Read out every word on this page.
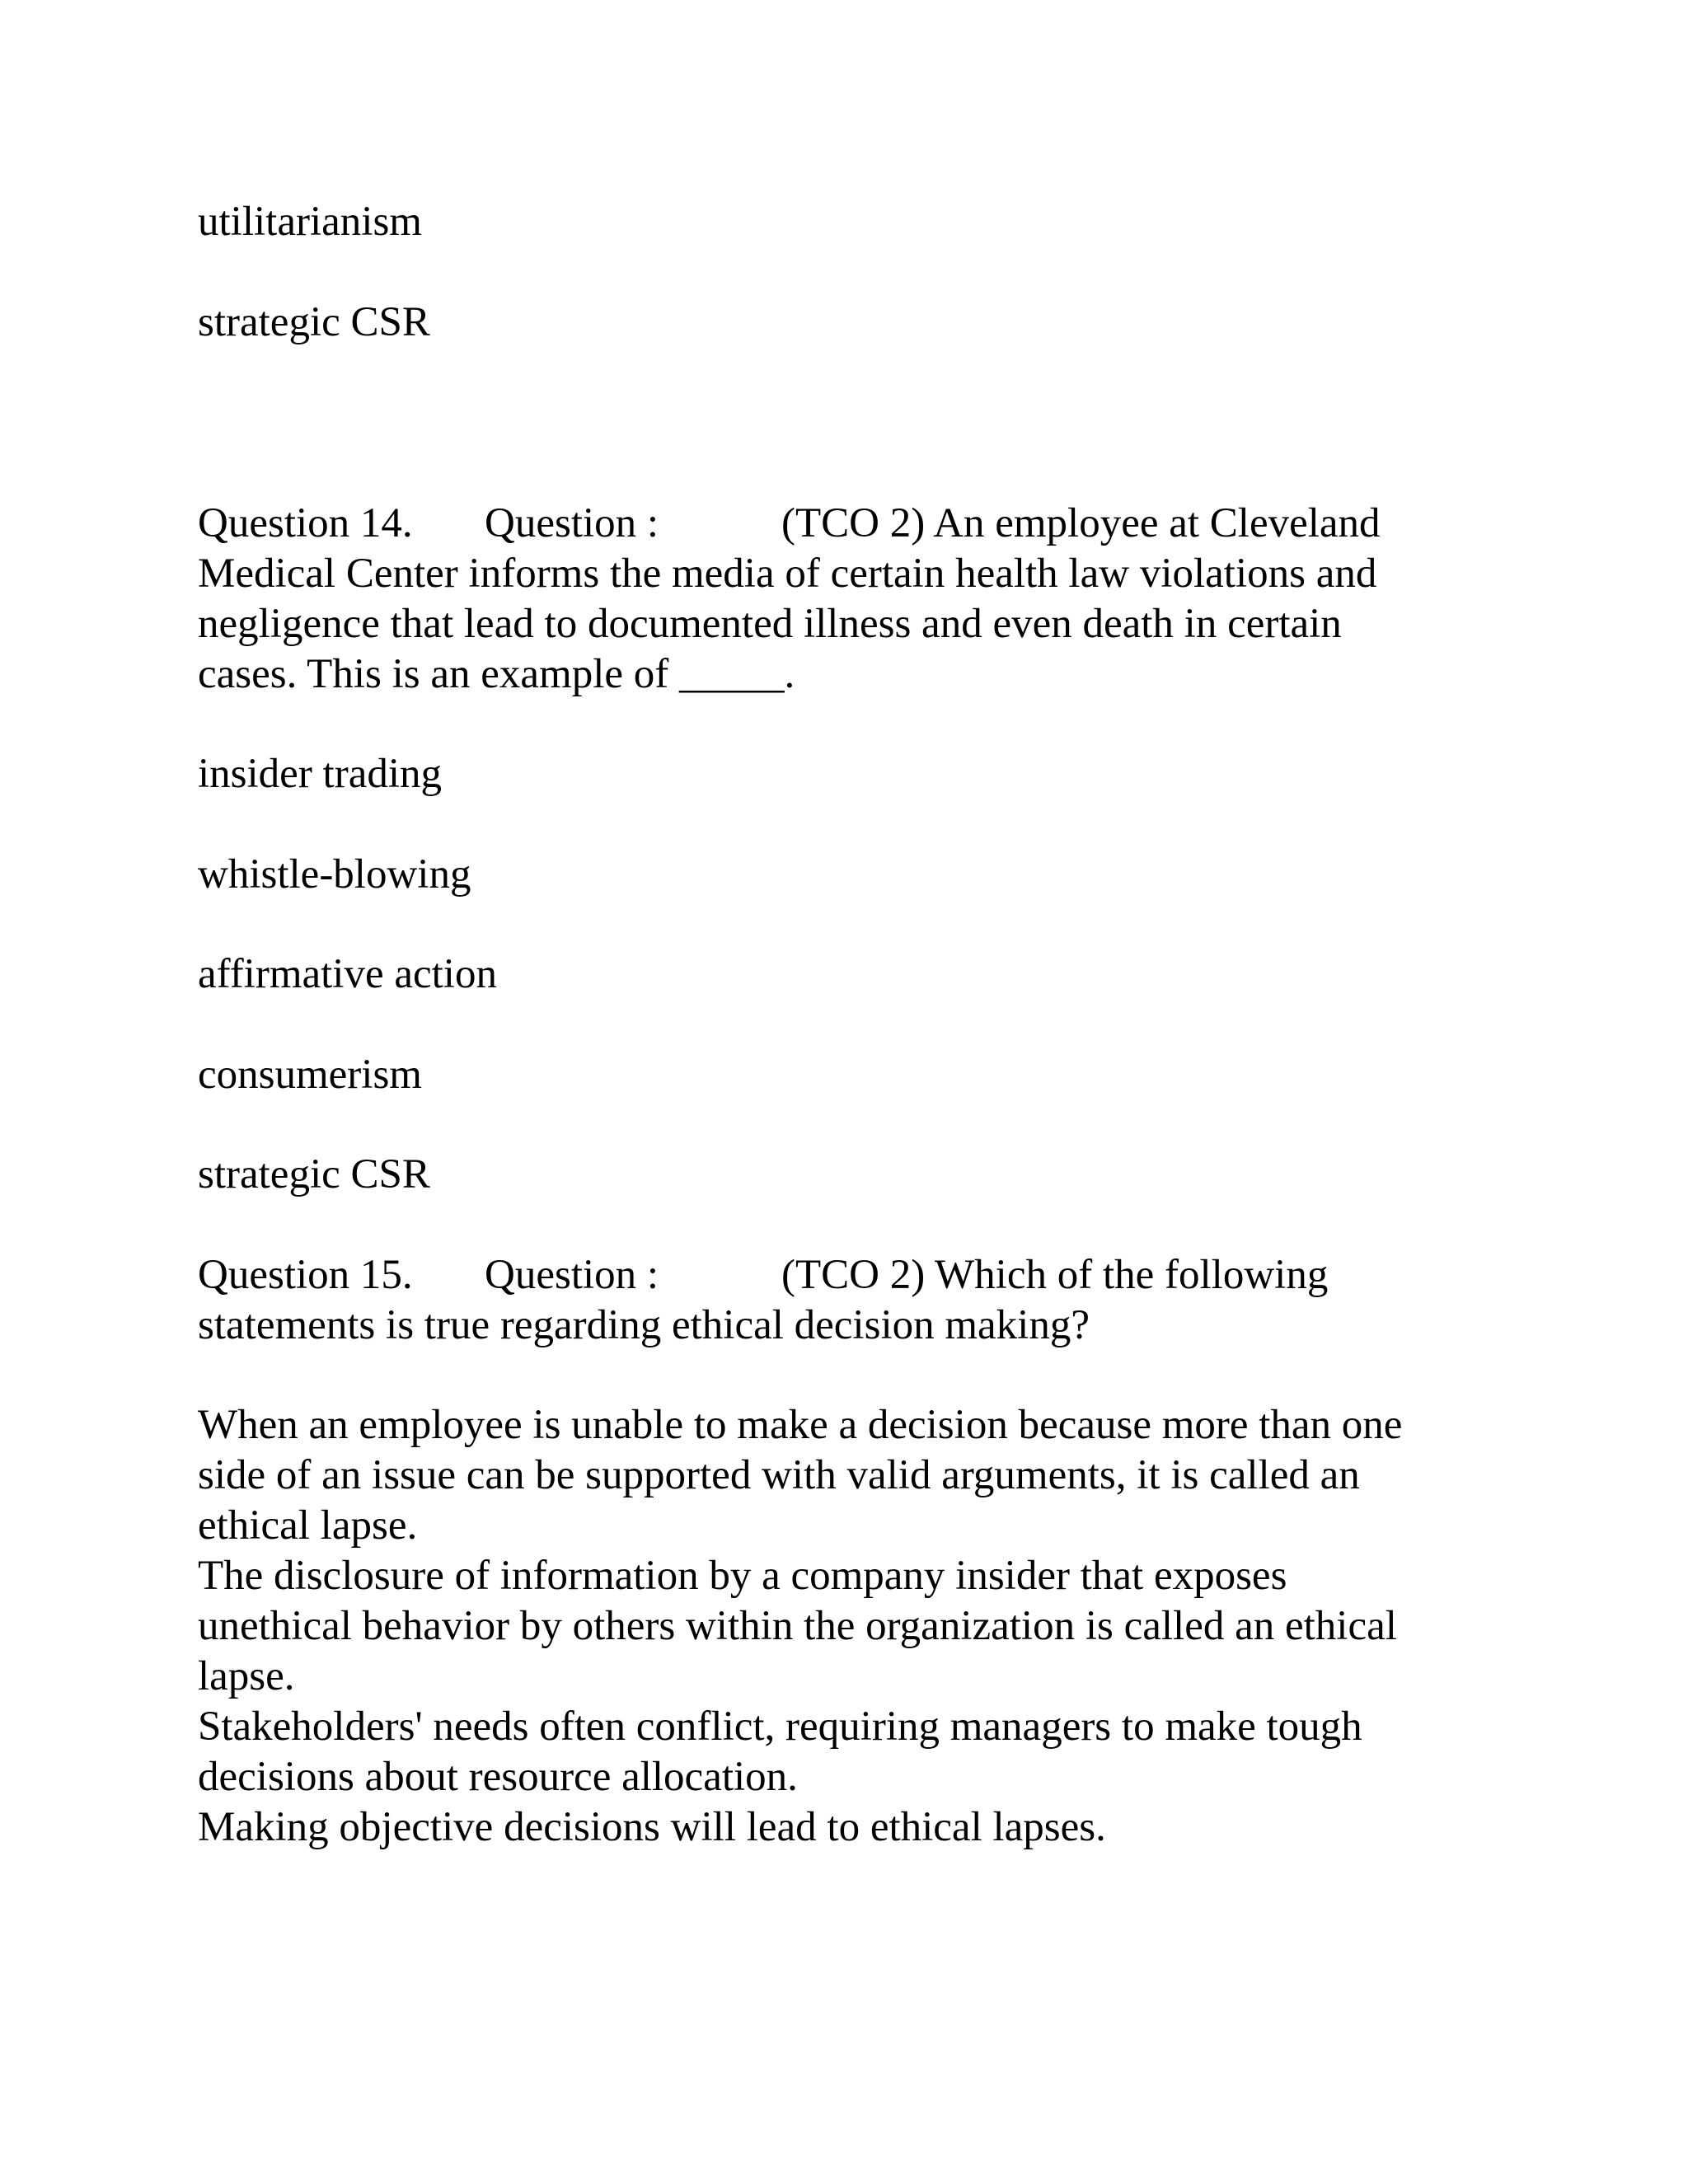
utilitarianism
strategic CSR
Question 14. Question :	(TCO 2) An employee at Cleveland
Medical Center informs the media of certain health law violations and
negligence that lead to documented illness and even death in certain
cases. This is an example of _____.
insider trading
whistle-blowing
affirmative action
consumerism
strategic CSR
Question 15. Question :	(TCO 2) Which of the following
statements is true regarding ethical decision making?
When an employee is unable to make a decision because more than one
side of an issue can be supported with valid arguments, it is called an
ethical lapse.
The disclosure of information by a company insider that exposes
unethical behavior by others within the organization is called an ethical
lapse.
Stakeholders' needs often conflict, requiring managers to make tough
decisions about resource allocation.
Making objective decisions will lead to ethical lapses.
